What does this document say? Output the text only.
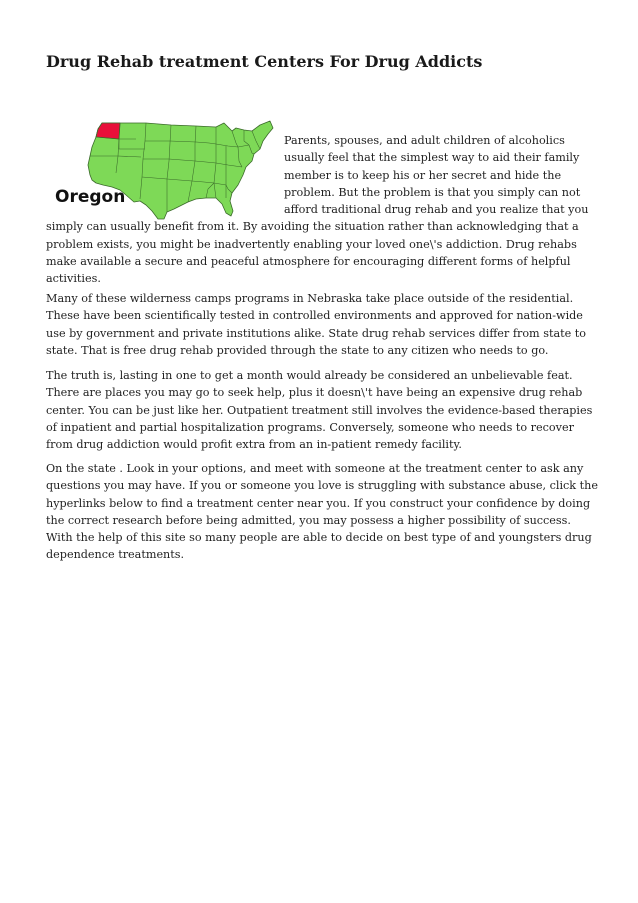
Drug Rehab treatment Centers For Drug Addicts
Oregon

Parents, spouses, and adult children of alcoholics usually feel that the simplest way to aid their family member is to keep his or her secret and hide the problem. But the problem is that you simply can not afford traditional drug rehab and you realize that you simply can usually benefit from it. By avoiding the situation rather than acknowledging that a problem exists, you might be inadvertently enabling your loved one\'s addiction. Drug rehabs make available a secure and peaceful atmosphere for encouraging different forms of helpful activities.

Many of these wilderness camps programs in Nebraska take place outside of the residential. These have been scientifically tested in controlled environments and approved for nation-wide use by government and private institutions alike. State drug rehab services differ from state to state. That is free drug rehab provided through the state to any citizen who needs to go.

The truth is, lasting in one to get a month would already be considered an unbelievable feat. There are places you may go to seek help, plus it doesn\'t have being an expensive drug rehab center. You can be just like her. Outpatient treatment still involves the evidence-based therapies of inpatient and partial hospitalization programs. Conversely, someone who needs to recover from drug addiction would profit extra from an in-patient remedy facility.

On the state . Look in your options, and meet with someone at the treatment center to ask any questions you may have. If you or someone you love is struggling with substance abuse, click the hyperlinks below to find a treatment center near you. If you construct your confidence by doing the correct research before being admitted, you may possess a higher possibility of success. With the help of this site so many people are able to decide on best type of and youngsters drug dependence treatments.
